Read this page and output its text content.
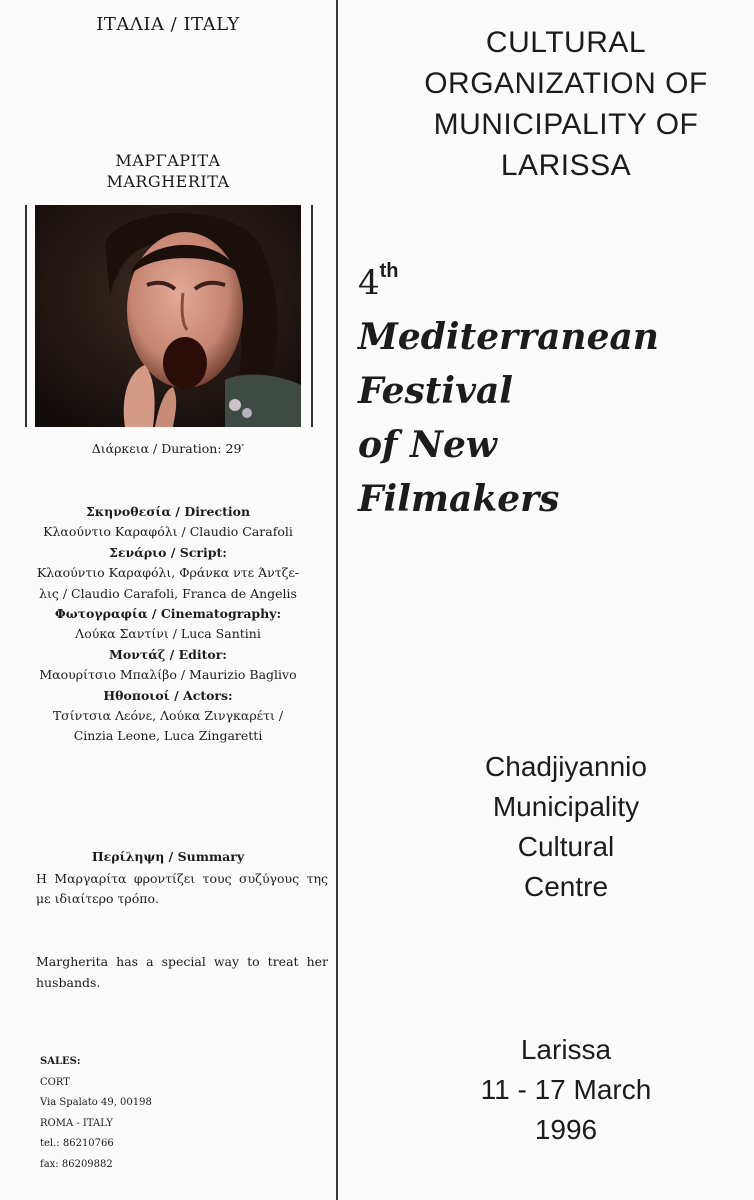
ΙΤΑΛΙΑ / ITALY
ΜΑΡΓΑΡΙΤΑ
MARGHERITA
Διάρκεια / Duration: 29′
Σκηνοθεσία / Direction
Κλαούντιο Καραφόλι / Claudio Carafoli
Σενάριο / Script:
Κλαούντιο Καραφόλι, Φράνκα ντε Άντζε-
λις / Claudio Carafoli, Franca de Angelis
Φωτογραφία / Cinematography:
Λούκα Σαντίνι / Luca Santini
Μοντάζ / Editor:
Μαουρίτσιο Μπαλίβο / Maurizio Baglivo
Ηθοποιοί / Actors:
Τσίντσια Λεόνε, Λούκα Ζινγκαρέτι /
Cinzia Leone, Luca Zingaretti
Περίληψη / Summary
Η Μαργαρίτα φροντίζει τους συζύγους της με ιδιαίτερο τρόπο.
Margherita has a special way to treat her husbands.
SALES:
CORT
Via Spalato 49, 00198
ROMA - ITALY
tel.: 86210766
fax: 86209882
CULTURAL
ORGANIZATION OF
MUNICIPALITY OF
LARISSA
4th
Mediterranean
Festival
of New
Filmakers
Chadjiyannio
Municipality
Cultural
Centre
Larissa
11 - 17 March
1996
